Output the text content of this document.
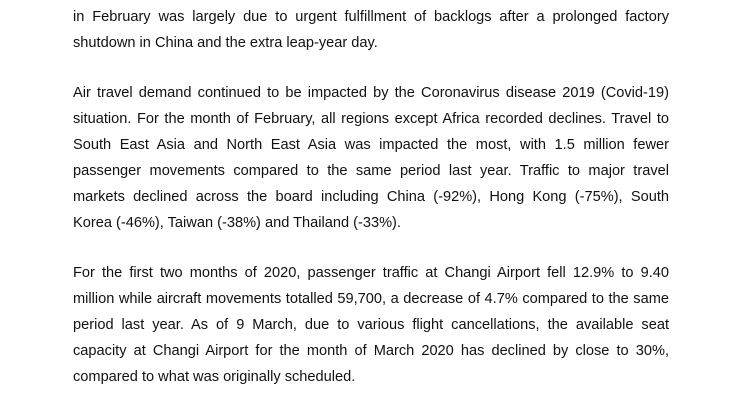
in February was largely due to urgent fulfillment of backlogs after a prolonged factory
shutdown in China and the extra leap-year day.
Air travel demand continued to be impacted by the Coronavirus disease 2019 (Covid-19)
situation. For the month of February, all regions except Africa recorded declines. Travel to
South East Asia and North East Asia was impacted the most, with 1.5 million fewer
passenger movements compared to the same period last year. Traffic to major travel
markets declined across the board including China (-92%), Hong Kong (-75%), South
Korea (-46%), Taiwan (-38%) and Thailand (-33%).
For the first two months of 2020, passenger traffic at Changi Airport fell 12.9% to 9.40
million while aircraft movements totalled 59,700, a decrease of 4.7% compared to the same
period last year. As of 9 March, due to various flight cancellations, the available seat
capacity at Changi Airport for the month of March 2020 has declined by close to 30%,
compared to what was originally scheduled.
